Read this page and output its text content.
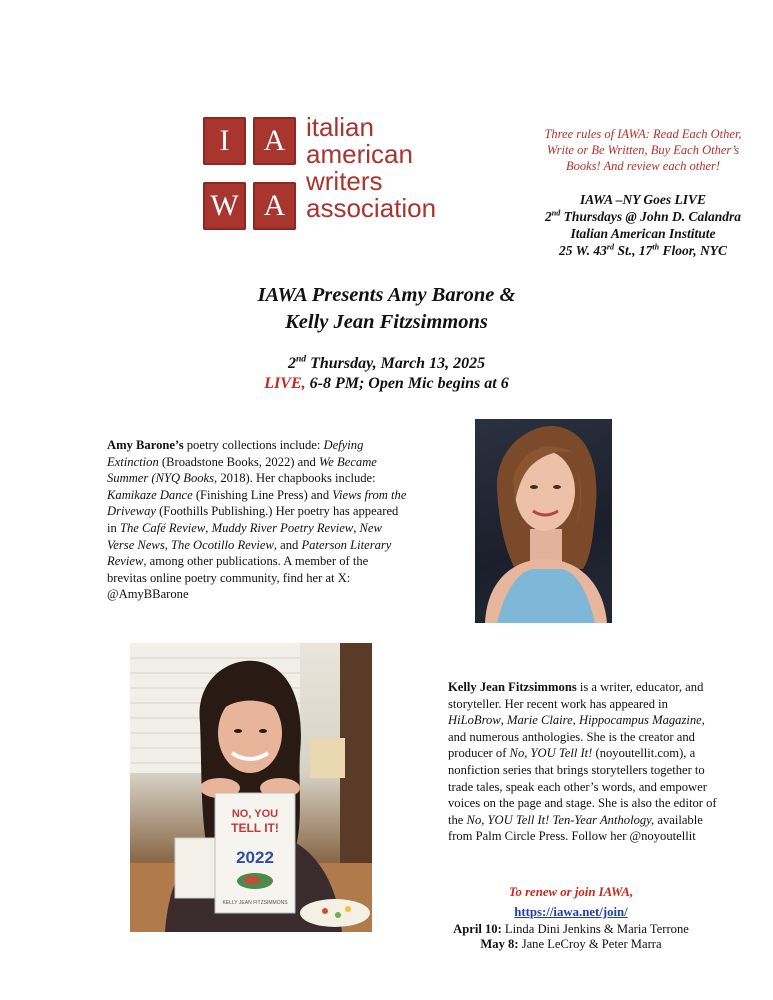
I	A
W A
italian
american
writers
association
Three rules of IAWA: Read Each Other,
Write or Be Written, Buy Each Other’s
Books! And review each other!
IAWA –NY Goes LIVE
2nd Thursdays @ John D. Calandra
Italian American Institute
25 W. 43rd St., 17th Floor, NYC
IAWA Presents Amy Barone &
Kelly Jean Fitzsimmons
2nd Thursday, March 13, 2025
LIVE, 6-8 PM; Open Mic begins at 6
Amy Barone’s poetry collections include: Defying Extinction (Broadstone Books, 2022) and We Became Summer (NYQ Books, 2018). Her chapbooks include: Kamikaze Dance (Finishing Line Press) and Views from the Driveway (Foothills Publishing.) Her poetry has appeared in The Café Review, Muddy River Poetry Review, New Verse News, The Ocotillo Review, and Paterson Literary Review, among other publications. A member of the brevitas online poetry community, find her at X: @AmyBBarone
NO, YOU
TELL IT!
2022
KELLY JEAN FITZSIMMONS
Kelly Jean Fitzsimmons is a writer, educator, and storyteller. Her recent work has appeared in HiLoBrow, Marie Claire, Hippocampus Magazine, and numerous anthologies. She is the creator and producer of No, YOU Tell It! (noyoutellit.com), a nonfiction series that brings storytellers together to trade tales, speak each other’s words, and empower voices on the page and stage. She is also the editor of the No, YOU Tell It! Ten-Year Anthology, available from Palm Circle Press. Follow her @noyoutellit
To renew or join IAWA,
https://iawa.net/join/
April 10: Linda Dini Jenkins & Maria Terrone
May 8: Jane LeCroy & Peter Marra
